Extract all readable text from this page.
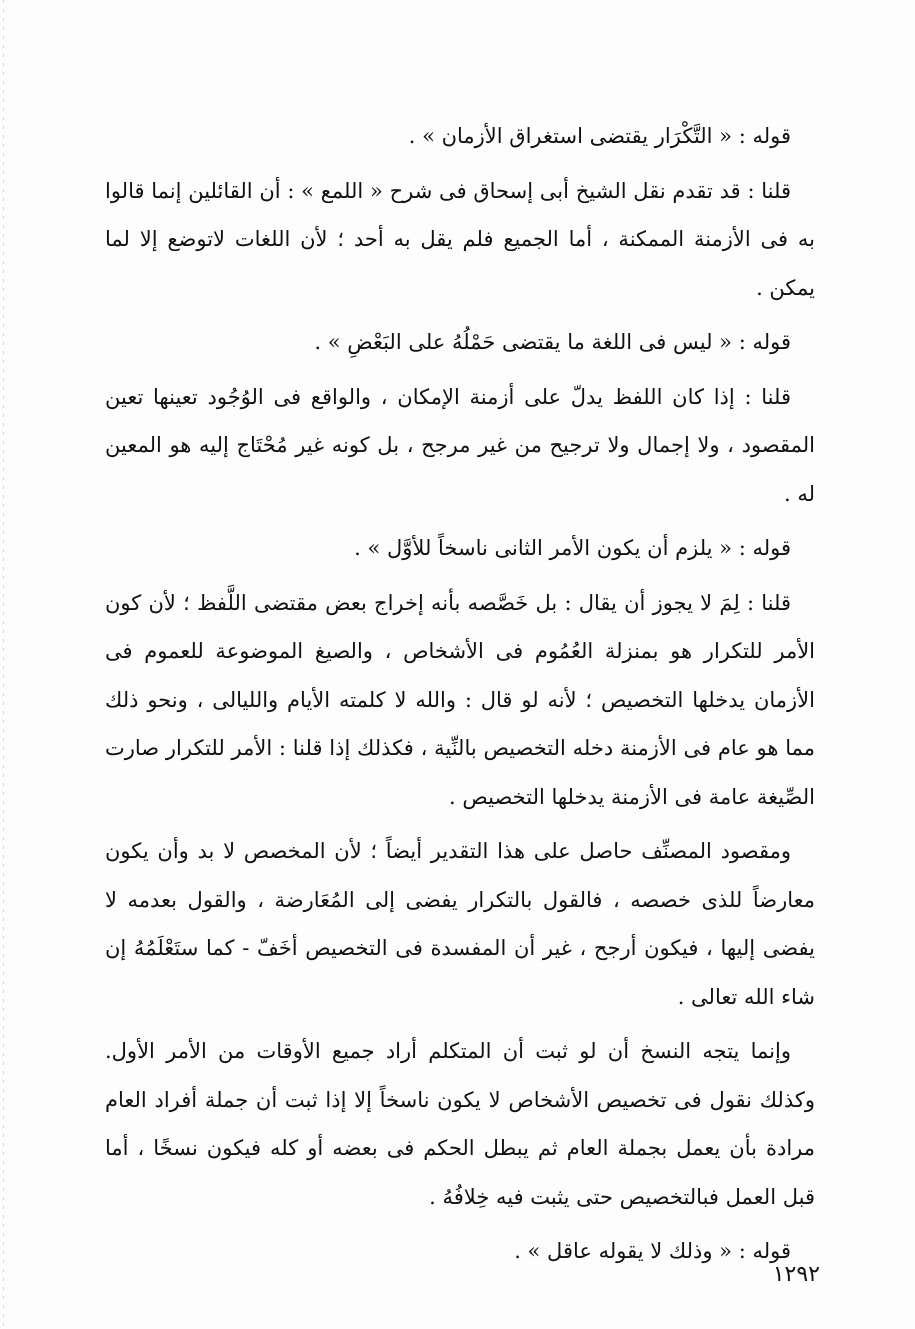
قوله : « التَّكْرَار يقتضى استغراق الأزمان » .

قلنا : قد تقدم نقل الشيخ أبى إسحاق فى شرح « اللمع » : أن القائلين إنما قالوا به فى الأزمنة الممكنة ، أما الجميع فلم يقل به أحد ؛ لأن اللغات لاتوضع إلا لما يمكن .

قوله : « ليس فى اللغة ما يقتضى حَمْلُهُ على البَعْضِ » .

قلنا : إذا كان اللفظ يدلّ على أزمنة الإمكان ، والواقع فى الوُجُود تعينها تعين المقصود ، ولا إجمال ولا ترجيح من غير مرجح ، بل كونه غير مُحْتَاج إليه هو المعين له .

قوله : « يلزم أن يكون الأمر الثانى ناسخاً للأوَّل » .

قلنا : لِمَ لا يجوز أن يقال : بل خَصَّصه بأنه إخراج بعض مقتضى اللَّفظ ؛ لأن كون الأمر للتكرار هو بمنزلة العُمُوم فى الأشخاص ، والصيغ الموضوعة للعموم فى الأزمان يدخلها التخصيص ؛ لأنه لو قال : والله لا كلمته الأيام والليالى ، ونحو ذلك مما هو عام فى الأزمنة دخله التخصيص بالنِّية ، فكذلك إذا قلنا : الأمر للتكرار صارت الصِّيغة عامة فى الأزمنة يدخلها التخصيص .

ومقصود المصنِّف حاصل على هذا التقدير أيضاً ؛ لأن المخصص لا بد وأن يكون معارضاً للذى خصصه ، فالقول بالتكرار يفضى إلى المُعَارضة ، والقول بعدمه لا يفضى إليها ، فيكون أرجح ، غير أن المفسدة فى التخصيص أخَفّ - كما ستَعْلَمُهُ إن شاء الله تعالى .

وإنما يتجه النسخ أن لو ثبت أن المتكلم أراد جميع الأوقات من الأمر الأول. وكذلك نقول فى تخصيص الأشخاص لا يكون ناسخاً إلا إذا ثبت أن جملة أفراد العام مرادة بأن يعمل بجملة العام ثم يبطل الحكم فى بعضه أو كله فيكون نسخًا ، أما قبل العمل فبالتخصيص حتى يثبت فيه خِلافُهُ .

قوله : « وذلك لا يقوله عاقل » .

١٢٩٢
